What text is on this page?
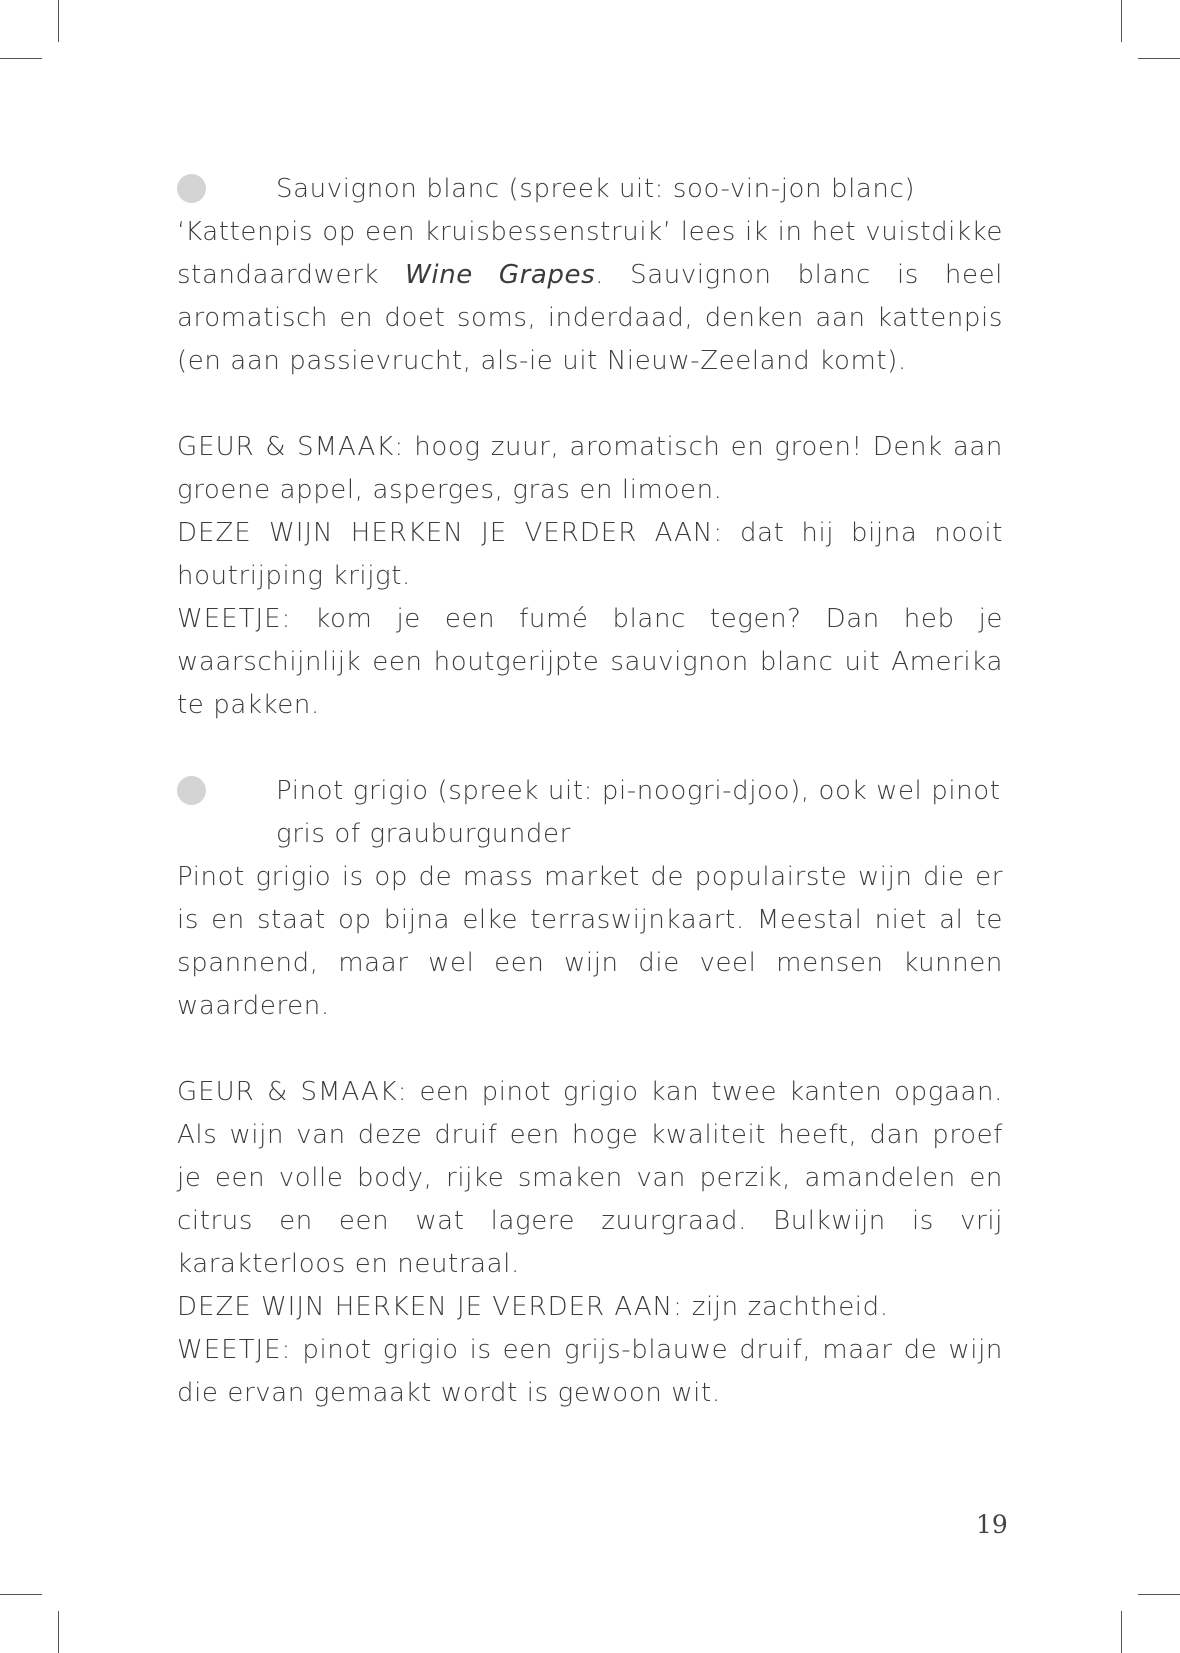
Sauvignon blanc (spreek uit: soo-vin-jon blanc)

‘Kattenpis op een kruisbessenstruik’ lees ik in het vuistdikke standaardwerk Wine Grapes. Sauvignon blanc is heel aromatisch en doet soms, inderdaad, denken aan kattenpis (en aan passievrucht, als-ie uit Nieuw-Zeeland komt).

GEUR & SMAAK: hoog zuur, aromatisch en groen! Denk aan groene appel, asperges, gras en limoen.

DEZE WIJN HERKEN JE VERDER AAN: dat hij bijna nooit houtrijping krijgt.

WEETJE: kom je een fumé blanc tegen? Dan heb je waarschijnlijk een houtgerijpte sauvignon blanc uit Amerika te pakken.

Pinot grigio (spreek uit: pi-noogri-djoo), ook wel pinot gris of grauburgunder

Pinot grigio is op de mass market de populairste wijn die er is en staat op bijna elke terraswijnkaart. Meestal niet al te spannend, maar wel een wijn die veel mensen kunnen waarderen.

GEUR & SMAAK: een pinot grigio kan twee kanten opgaan. Als wijn van deze druif een hoge kwaliteit heeft, dan proef je een volle body, rijke smaken van perzik, amandelen en citrus en een wat lagere zuurgraad. Bulkwijn is vrij karakterloos en neutraal.

DEZE WIJN HERKEN JE VERDER AAN: zijn zachtheid.

WEETJE: pinot grigio is een grijs-blauwe druif, maar de wijn die ervan gemaakt wordt is gewoon wit.

19
